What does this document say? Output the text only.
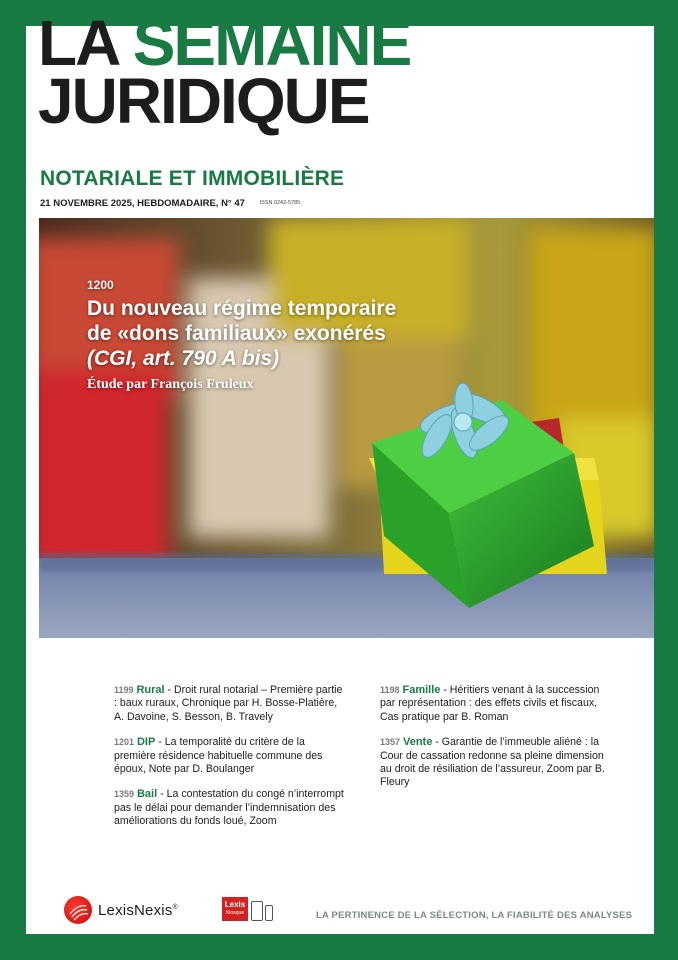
LA SEMAINE
JURIDIQUE
NOTARIALE ET IMMOBILIÈRE
21 NOVEMBRE 2025, HEBDOMADAIRE, N° 47	ISSN 0242-5785
1200
Du nouveau régime temporaire
de «dons familiaux» exonérés
(CGI, art. 790 A bis)
Étude par François Fruleux
1199 Rural - Droit rural notarial – Première partie : baux ruraux, Chronique par H. Bosse-Platière, A. Davoine, S. Besson, B. Travely
1201 DIP - La temporalité du critère de la première résidence habituelle commune des époux, Note par D. Boulanger
1359 Bail - La contestation du congé n’interrompt pas le délai pour demander l’indemnisation des améliorations du fonds loué, Zoom
1198 Famille - Héritiers venant à la succession par représentation : des effets civils et fiscaux, Cas pratique par B. Roman
1357 Vente - Garantie de l’immeuble aliéné : la Cour de cassation redonne sa pleine dimension au droit de résiliation de l’assureur, Zoom par B. Fleury
LexisNexis®	Lexis
Kiosque	LA PERTINENCE DE LA SÉLECTION, LA FIABILITÉ DES ANALYSES
